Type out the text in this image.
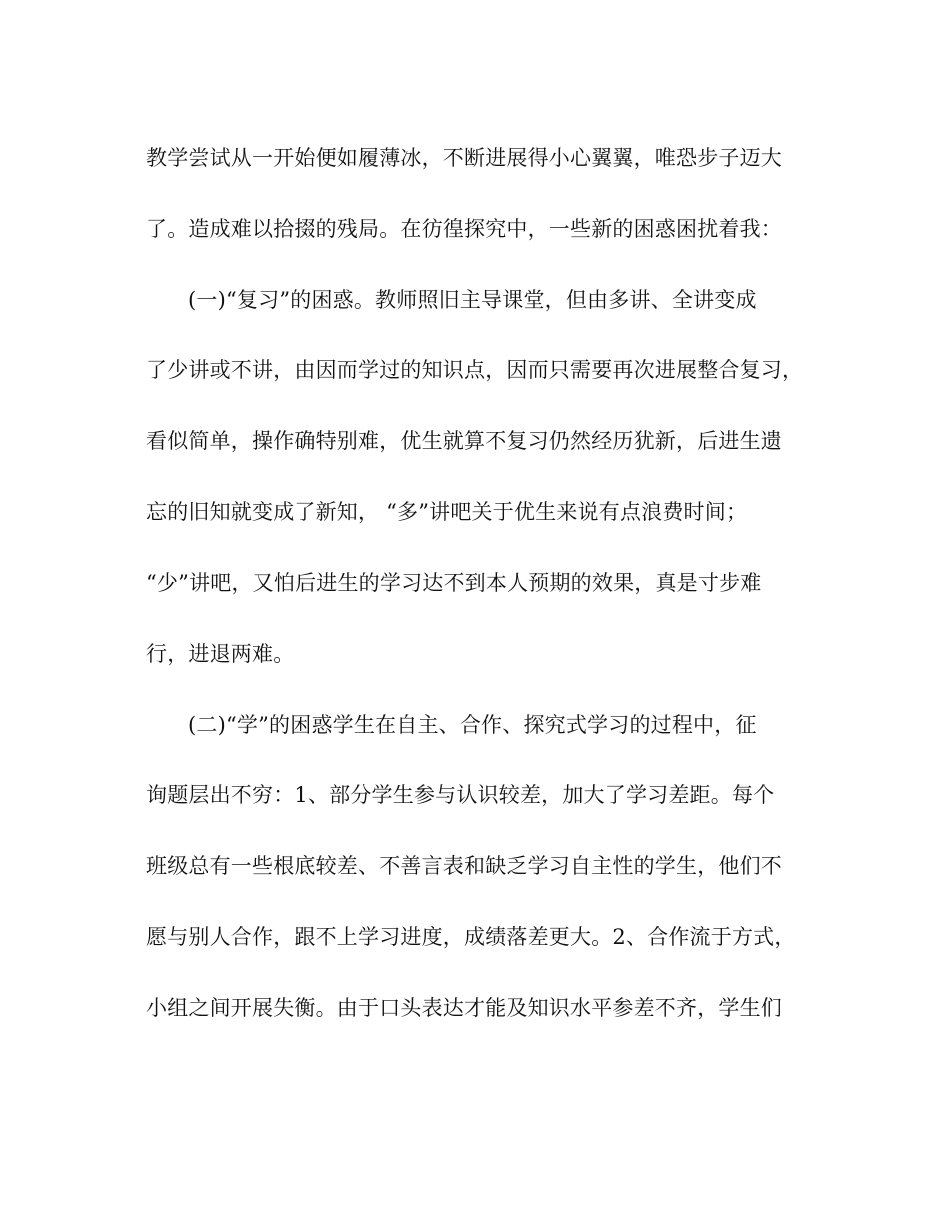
教学尝试从一开始便如履薄冰，不断进展得小心翼翼，唯恐步子迈大
了。造成难以拾掇的残局。在彷徨探究中，一些新的困惑困扰着我：
(一)“复习”的困惑。教师照旧主导课堂，但由多讲、全讲变成
了少讲或不讲，由因而学过的知识点，因而只需要再次进展整合复习，
看似简单，操作确特别难，优生就算不复习仍然经历犹新，后进生遗
忘的旧知就变成了新知， “多”讲吧关于优生来说有点浪费时间；
“少”讲吧，又怕后进生的学习达不到本人预期的效果，真是寸步难
行，进退两难。
(二)“学”的困惑学生在自主、合作、探究式学习的过程中，征
询题层出不穷：1、部分学生参与认识较差，加大了学习差距。每个
班级总有一些根底较差、不善言表和缺乏学习自主性的学生，他们不
愿与别人合作，跟不上学习进度，成绩落差更大。2、合作流于方式，
小组之间开展失衡。由于口头表达才能及知识水平参差不齐，学生们
